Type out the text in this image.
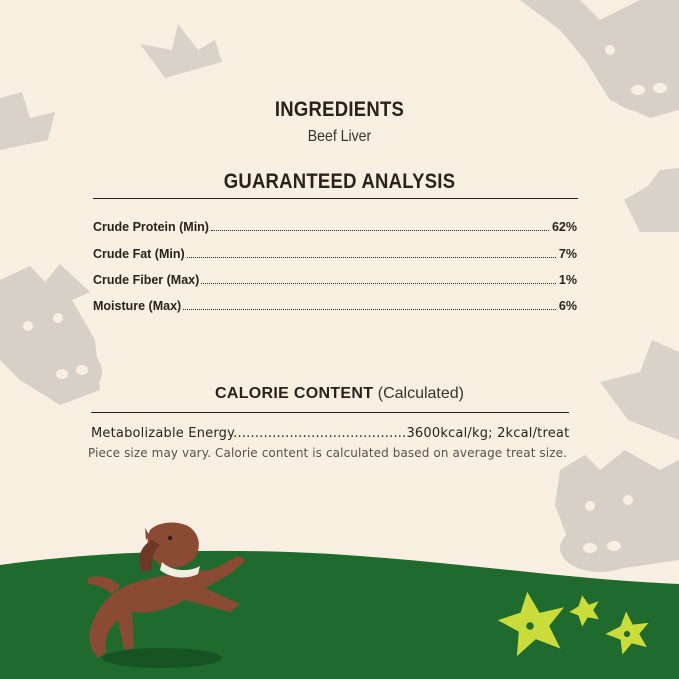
INGREDIENTS
Beef Liver
GUARANTEED ANALYSIS
Crude Protein (Min)	62%
Crude Fat (Min)	7%
Crude Fiber (Max)	1%
Moisture (Max)	6%
CALORIE CONTENT (Calculated)
Metabolizable Energy........................................3600kcal/kg; 2kcal/treat
Piece size may vary. Calorie content is calculated based on average treat size.
